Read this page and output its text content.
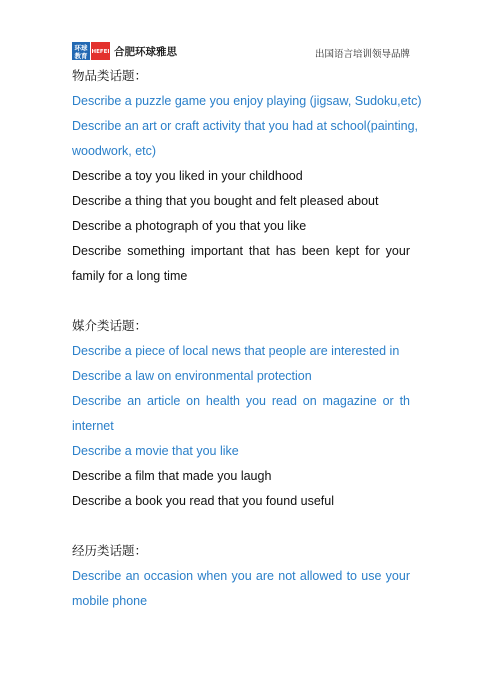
环球
教育 HEFEI 合肥环球雅思	出国语言培训领导品牌
物品类话题：
Describe a puzzle game you enjoy playing (jigsaw, Sudoku,etc)
Describe an art or craft activity that you had at school(painting,
woodwork, etc)
Describe a toy you liked in your childhood
Describe a thing that you bought and felt pleased about
Describe a photograph of you that you like
Describe something important that has been kept for your
family for a long time
媒介类话题：
Describe a piece of local news that people are interested in
Describe a law on environmental protection
Describe an article on health you read on magazine or th
internet
Describe a movie that you like
Describe a film that made you laugh
Describe a book you read that you found useful
经历类话题：
Describe an occasion when you are not allowed to use your
mobile phone
